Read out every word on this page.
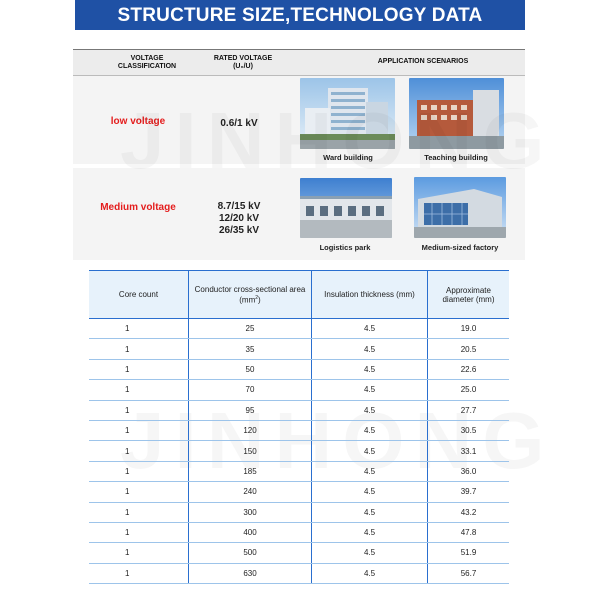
STRUCTURE SIZE,TECHNOLOGY DATA
VOLTAGE CLASSIFICATION
RATED VOLTAGE (U₀/U)
APPLICATION SCENARIOS
low voltage	0.6/1 kV
Ward building	Teaching building
Medium voltage	8.7/15 kV
12/20 kV
26/35 kV
Logistics park	Medium-sized factory
Core count	Conductor cross-sectional area $(mm^2)$	Insulation thickness (mm)	Approximate diameter (mm)
1	25	4.5	19.0
1	35	4.5	20.5
1	50	4.5	22.6
1	70	4.5	25.0
1	95	4.5	27.7
1	120	4.5	30.5
1	150	4.5	33.1
1	185	4.5	36.0
1	240	4.5	39.7
1	300	4.5	43.2
1	400	4.5	47.8
1	500	4.5	51.9
1	630	4.5	56.7
